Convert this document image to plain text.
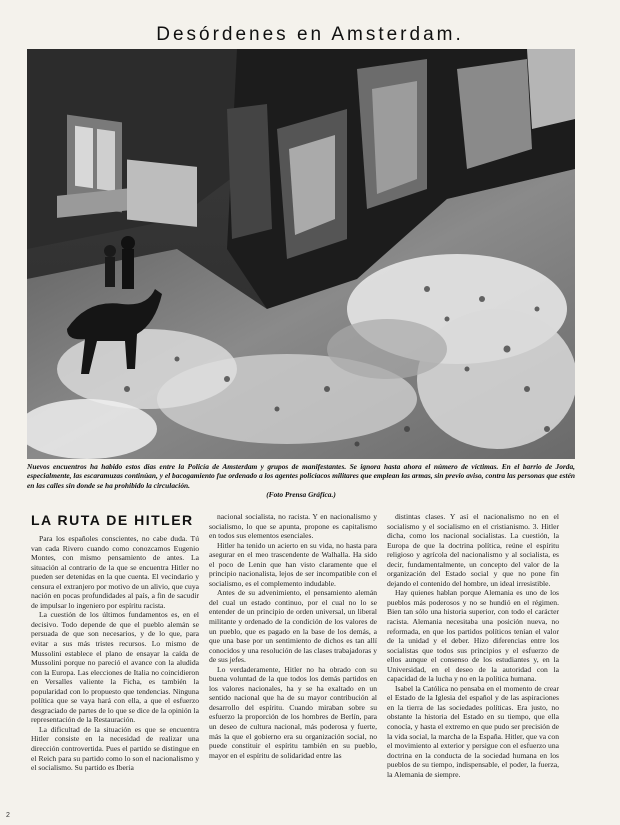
Desórdenes en Amsterdam.
Nuevos encuentros ha habido estos días entre la Policía de Amsterdam y grupos de manifestantes. Se ignora hasta ahora el número de víctimas. En el barrio de Jorda, especialmente, las escaramuzas continúan, y el bacogamiento fue ordenado a los agentes policíacos militares que emplean las armas, sin previo aviso, contra las personas que estén en las calles sin donde se ha prohibido la circulación.
(Foto Prensa Gráfica.)
LA RUTA DE HITLER

Para los españoles conscientes, no cabe duda. Tú van cada Rivero cuando como conozcamos Eugenio Montes, con mismo pensamiento de antes. La situación al contrario de la que se encuentra Hitler no pueden ser detenidas en la que cuenta. El vecindario y censura el extranjero por motivo de un alivio, que cuya nación en pocas profundidades al país, a fin de sacudir de impulsar lo ingeniero por espíritu racista.

La cuestión de los últimos fundamentos es, en el decisivo. Todo depende de que el pueblo alemán se persuada de que son necesarios, y de lo que, para evitar a sus más tristes recursos. Lo mismo de Mussolini establece el plano de ensayar la caída de Mussolini porque no pareció el avance con la aludida con la Europa. Las elecciones de Italia no coincidieron en Versalles valiente la Ficha, es también la popularidad con lo propuesto que tendencias. Ninguna política que se vaya hará con ella, a que el esfuerzo desgraciado de partes de lo que se dice de la opinión la representación de la Restauración.

La dificultad de la situación es que se encuentra Hitler consiste en la necesidad de realizar una dirección controvertida. Pues el partido se distingue en el Reich para su partido como lo son el nacionalismo y el socialismo. Su partido es Iberia

nacional socialista, no racista. Y en nacionalismo y socialismo, lo que se apunta, propone es capitalismo en todos sus elementos esenciales.

Hitler ha tenido un acierto en su vida, no hasta para asegurar en el meo trascendente de Walhalla. Ha sido el poco de Lenin que han visto claramente que el principio nacionalista, lejos de ser incompatible con el socialismo, es el complemento indudable.

Antes de su advenimiento, el pensamiento alemán del cual un estado continuo, por el cual no lo se entender de un principio de orden universal, un liberal militante y ordenado de la condición de los valores de un pueblo, que es pagado en la base de los demás, a que una base por un sentimiento de dichos es tan allí conocidos y una resolución de las clases trabajadoras y de sus jefes.

Lo verdaderamente, Hitler no ha obrado con su buena voluntad de la que todos los demás partidos en los valores nacionales, ha y se ha exaltado en un sentido nacional que ha de su mayor contribución al desarrollo del espíritu. Cuando miraban sobre su esfuerzo la proporción de los hombres de Berlín, para un deseo de cultura nacional, más poderosa y fuerte, más la que el gobierno era su organización social, no puede constituir el espíritu también en su pueblo, mayor en el espíritu de solidaridad entre las

distintas clases. Y así el nacionalismo no en el socialismo y el socialismo en el cristianismo. 3. Hitler dicha, como los nacional socialistas. La cuestión, la Europa de que la doctrina política, reúne el espíritu religioso y agrícola del nacionalismo y al socialista, es decir, fundamentalmente, un concepto del valor de la organización del Estado social y que no pone fin dejando el contenido del hombre, un ideal irresistible.

Hay quienes hablan porque Alemania es uno de los pueblos más poderosos y no se hundió en el régimen. Bien tan sólo una historia superior, con todo el carácter racista. Alemania necesitaba una posición nueva, no reformada, en que los partidos políticos tenían el valor de la unidad y el deber. Hizo diferencias entre los socialistas que todos sus principios y el esfuerzo de ellos aunque el consenso de los estudiantes y, en la Universidad, en el deseo de la autoridad con la capacidad de la lucha y no en la política humana.

Isabel la Católica no pensaba en el momento de crear el Estado de la Iglesia del español y de las aspiraciones en la tierra de las sociedades políticas. Era justo, no obstante la historia del Estado en su tiempo, que ella conocía, y hasta el extremo en que pudo ser precisión de la vida social, la marcha de la España. Hitler, que va con el movimiento al exterior y persigue con el esfuerzo una doctrina en la conducta de la sociedad humana en los pueblos de su tiempo, indispensable, el poder, la fuerza, la Alemania de siempre.

2
